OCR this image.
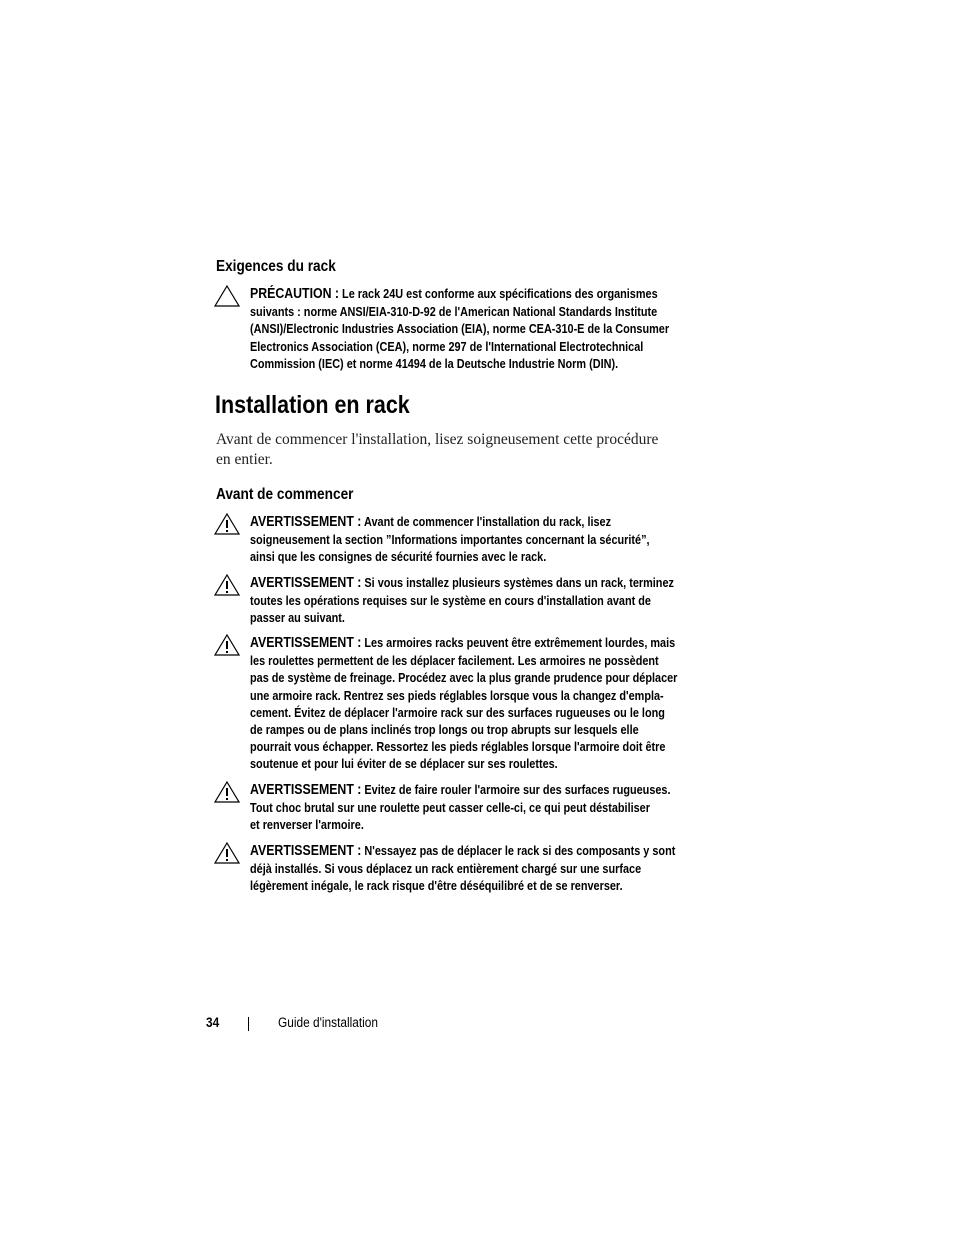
Exigences du rack

PRÉCAUTION : Le rack 24U est conforme aux spécifications des organismes

suivants : norme ANSI/EIA-310-D-92 de l'American National Standards Institute

(ANSI)/Electronic Industries Association (EIA), norme CEA-310-E de la Consumer

Electronics Association (CEA), norme 297 de l'International Electrotechnical

Commission (IEC) et norme 41494 de la Deutsche Industrie Norm (DIN).

Installation en rack
Avant de commencer l'installation, lisez soigneusement cette procédure
en entier.
Avant de commencer

AVERTISSEMENT : Avant de commencer l'installation du rack, lisez

soigneusement la section ”Informations importantes concernant la sécurité”,

ainsi que les consignes de sécurité fournies avec le rack.

AVERTISSEMENT : Si vous installez plusieurs systèmes dans un rack, terminez

toutes les opérations requises sur le système en cours d'installation avant de

passer au suivant.

AVERTISSEMENT : Les armoires racks peuvent être extrêmement lourdes, mais

les roulettes permettent de les déplacer facilement. Les armoires ne possèdent

pas de système de freinage. Procédez avec la plus grande prudence pour déplacer

une armoire rack. Rentrez ses pieds réglables lorsque vous la changez d'empla-

cement. Évitez de déplacer l'armoire rack sur des surfaces rugueuses ou le long

de rampes ou de plans inclinés trop longs ou trop abrupts sur lesquels elle

pourrait vous échapper. Ressortez les pieds réglables lorsque l'armoire doit être

soutenue et pour lui éviter de se déplacer sur ses roulettes.

AVERTISSEMENT : Evitez de faire rouler l'armoire sur des surfaces rugueuses.

Tout choc brutal sur une roulette peut casser celle-ci, ce qui peut déstabiliser

et renverser l'armoire.

AVERTISSEMENT : N'essayez pas de déplacer le rack si des composants y sont

déjà installés. Si vous déplacez un rack entièrement chargé sur une surface

légèrement inégale, le rack risque d'être déséquilibré et de se renverser.

34	Guide d'installation
